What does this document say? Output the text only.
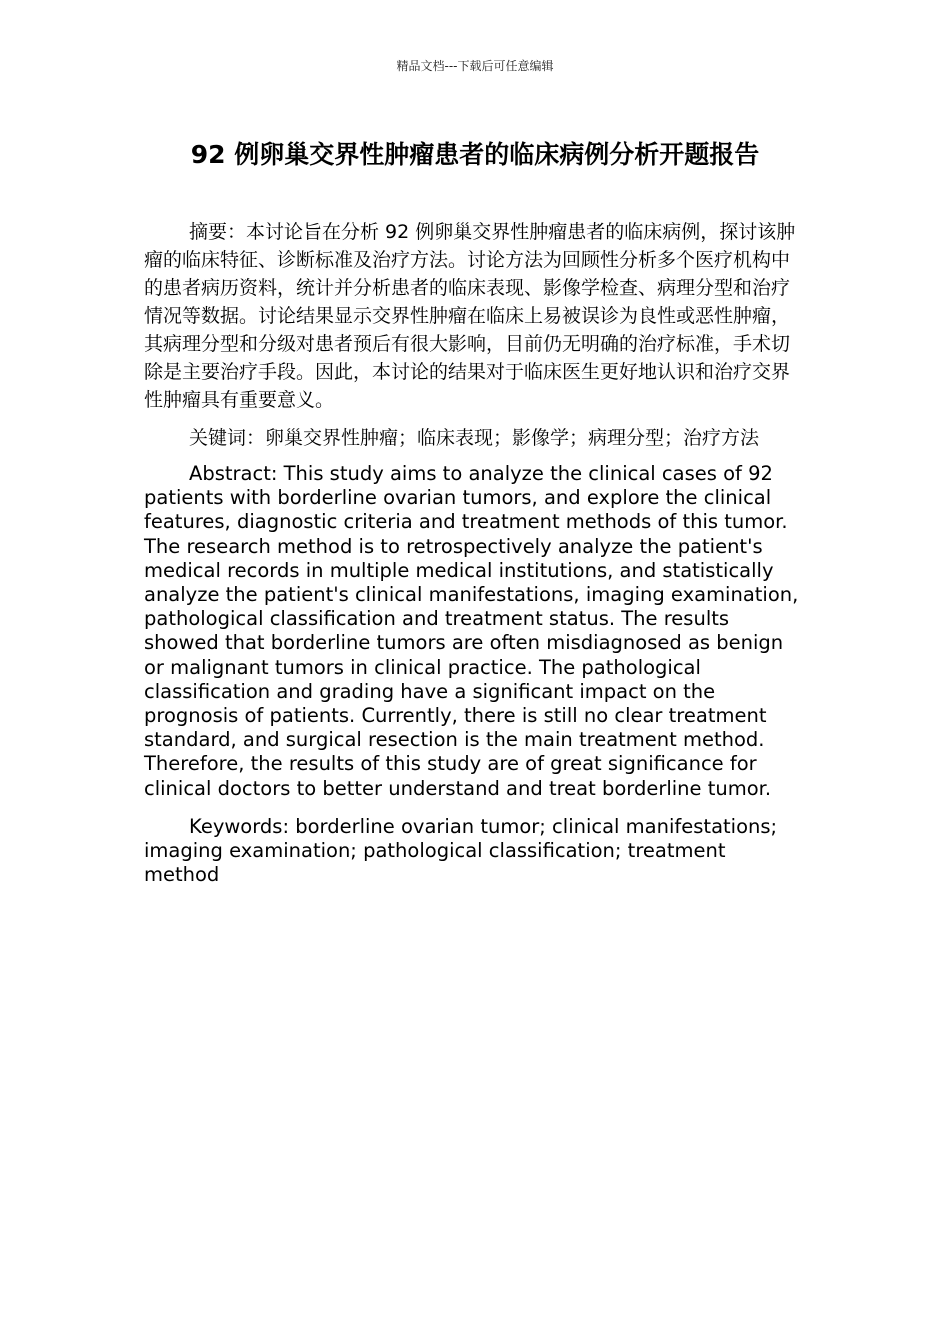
精品文档---下载后可任意编辑
92 例卵巢交界性肿瘤患者的临床病例分析开题报告

摘要：本讨论旨在分析 92 例卵巢交界性肿瘤患者的临床病例，探讨该肿瘤的临床特征、诊断标准及治疗方法。讨论方法为回顾性分析多个医疗机构中的患者病历资料，统计并分析患者的临床表现、影像学检查、病理分型和治疗情况等数据。讨论结果显示交界性肿瘤在临床上易被误诊为良性或恶性肿瘤，其病理分型和分级对患者预后有很大影响，目前仍无明确的治疗标准，手术切除是主要治疗手段。因此，本讨论的结果对于临床医生更好地认识和治疗交界性肿瘤具有重要意义。

关键词：卵巢交界性肿瘤；临床表现；影像学；病理分型；治疗方法

Abstract: This study aims to analyze the clinical cases of 92 patients with borderline ovarian tumors, and explore the clinical features, diagnostic criteria and treatment methods of this tumor. The research method is to retrospectively analyze the patient's medical records in multiple medical institutions, and statistically analyze the patient's clinical manifestations, imaging examination, pathological classification and treatment status. The results showed that borderline tumors are often misdiagnosed as benign or malignant tumors in clinical practice. The pathological classification and grading have a significant impact on the prognosis of patients. Currently, there is still no clear treatment standard, and surgical resection is the main treatment method. Therefore, the results of this study are of great significance for clinical doctors to better understand and treat borderline tumor.

Keywords: borderline ovarian tumor; clinical manifestations; imaging examination; pathological classification; treatment method
